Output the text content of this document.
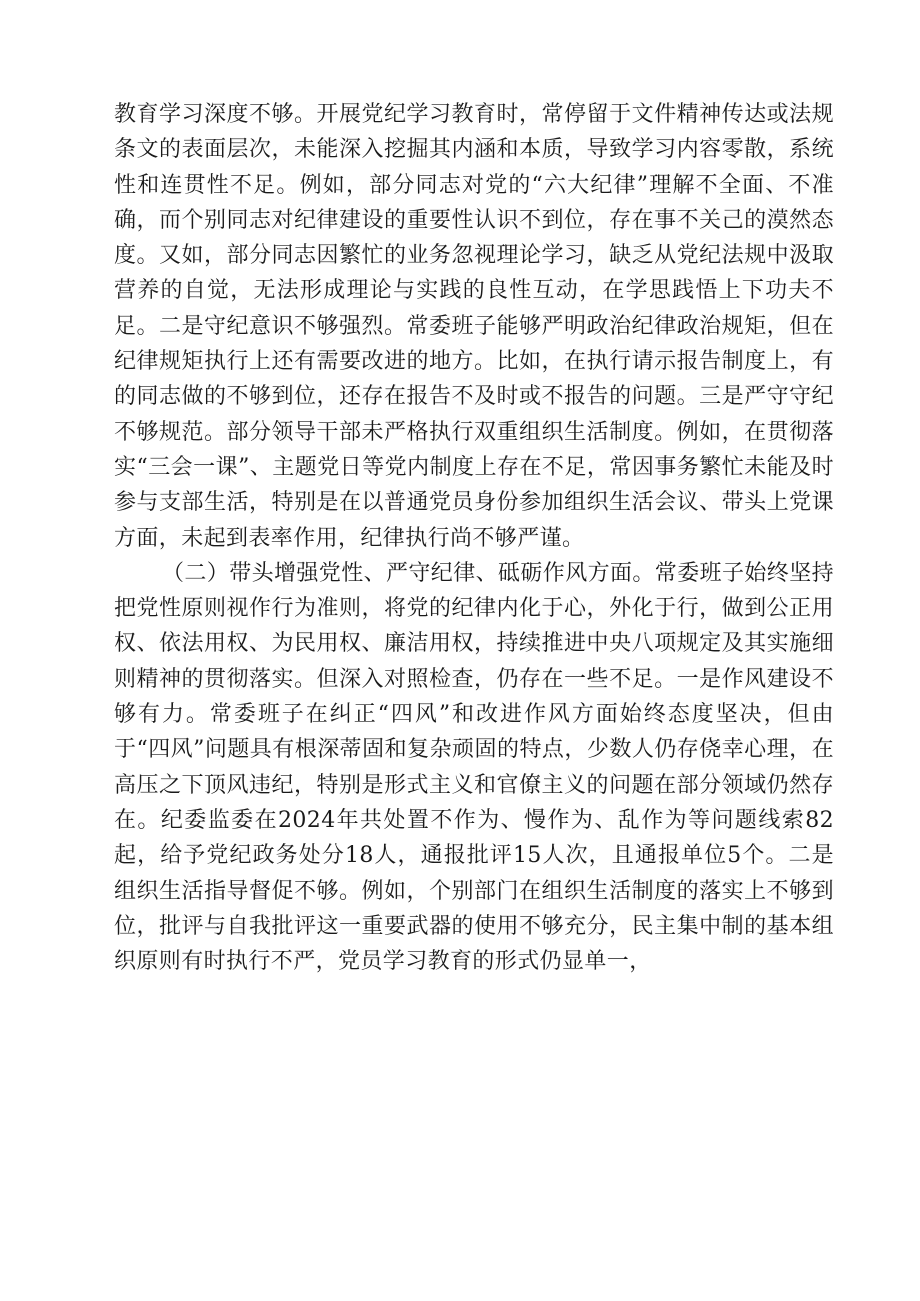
教育学习深度不够。开展党纪学习教育时，常停留于文件精神传达或法规条文的表面层次，未能深入挖掘其内涵和本质，导致学习内容零散，系统性和连贯性不足。例如，部分同志对党的“六大纪律”理解不全面、不准确，而个别同志对纪律建设的重要性认识不到位，存在事不关己的漠然态度。又如，部分同志因繁忙的业务忽视理论学习，缺乏从党纪法规中汲取营养的自觉，无法形成理论与实践的良性互动，在学思践悟上下功夫不足。二是守纪意识不够强烈。常委班子能够严明政治纪律政治规矩，但在纪律规矩执行上还有需要改进的地方。比如，在执行请示报告制度上，有的同志做的不够到位，还存在报告不及时或不报告的问题。三是严守守纪不够规范。部分领导干部未严格执行双重组织生活制度。例如，在贯彻落实“三会一课”、主题党日等党内制度上存在不足，常因事务繁忙未能及时参与支部生活，特别是在以普通党员身份参加组织生活会议、带头上党课方面，未起到表率作用，纪律执行尚不够严谨。

（二）带头增强党性、严守纪律、砥砺作风方面。常委班子始终坚持把党性原则视作行为准则，将党的纪律内化于心，外化于行，做到公正用权、依法用权、为民用权、廉洁用权，持续推进中央八项规定及其实施细则精神的贯彻落实。但深入对照检查，仍存在一些不足。一是作风建设不够有力。常委班子在纠正“四风”和改进作风方面始终态度坚决，但由于“四风”问题具有根深蒂固和复杂顽固的特点，少数人仍存侥幸心理，在高压之下顶风违纪，特别是形式主义和官僚主义的问题在部分领域仍然存在。纪委监委在2024年共处置不作为、慢作为、乱作为等问题线索82起，给予党纪政务处分18人，通报批评15人次，且通报单位5个。二是组织生活指导督促不够。例如，个别部门在组织生活制度的落实上不够到位，批评与自我批评这一重要武器的使用不够充分，民主集中制的基本组织原则有时执行不严，党员学习教育的形式仍显单一，
